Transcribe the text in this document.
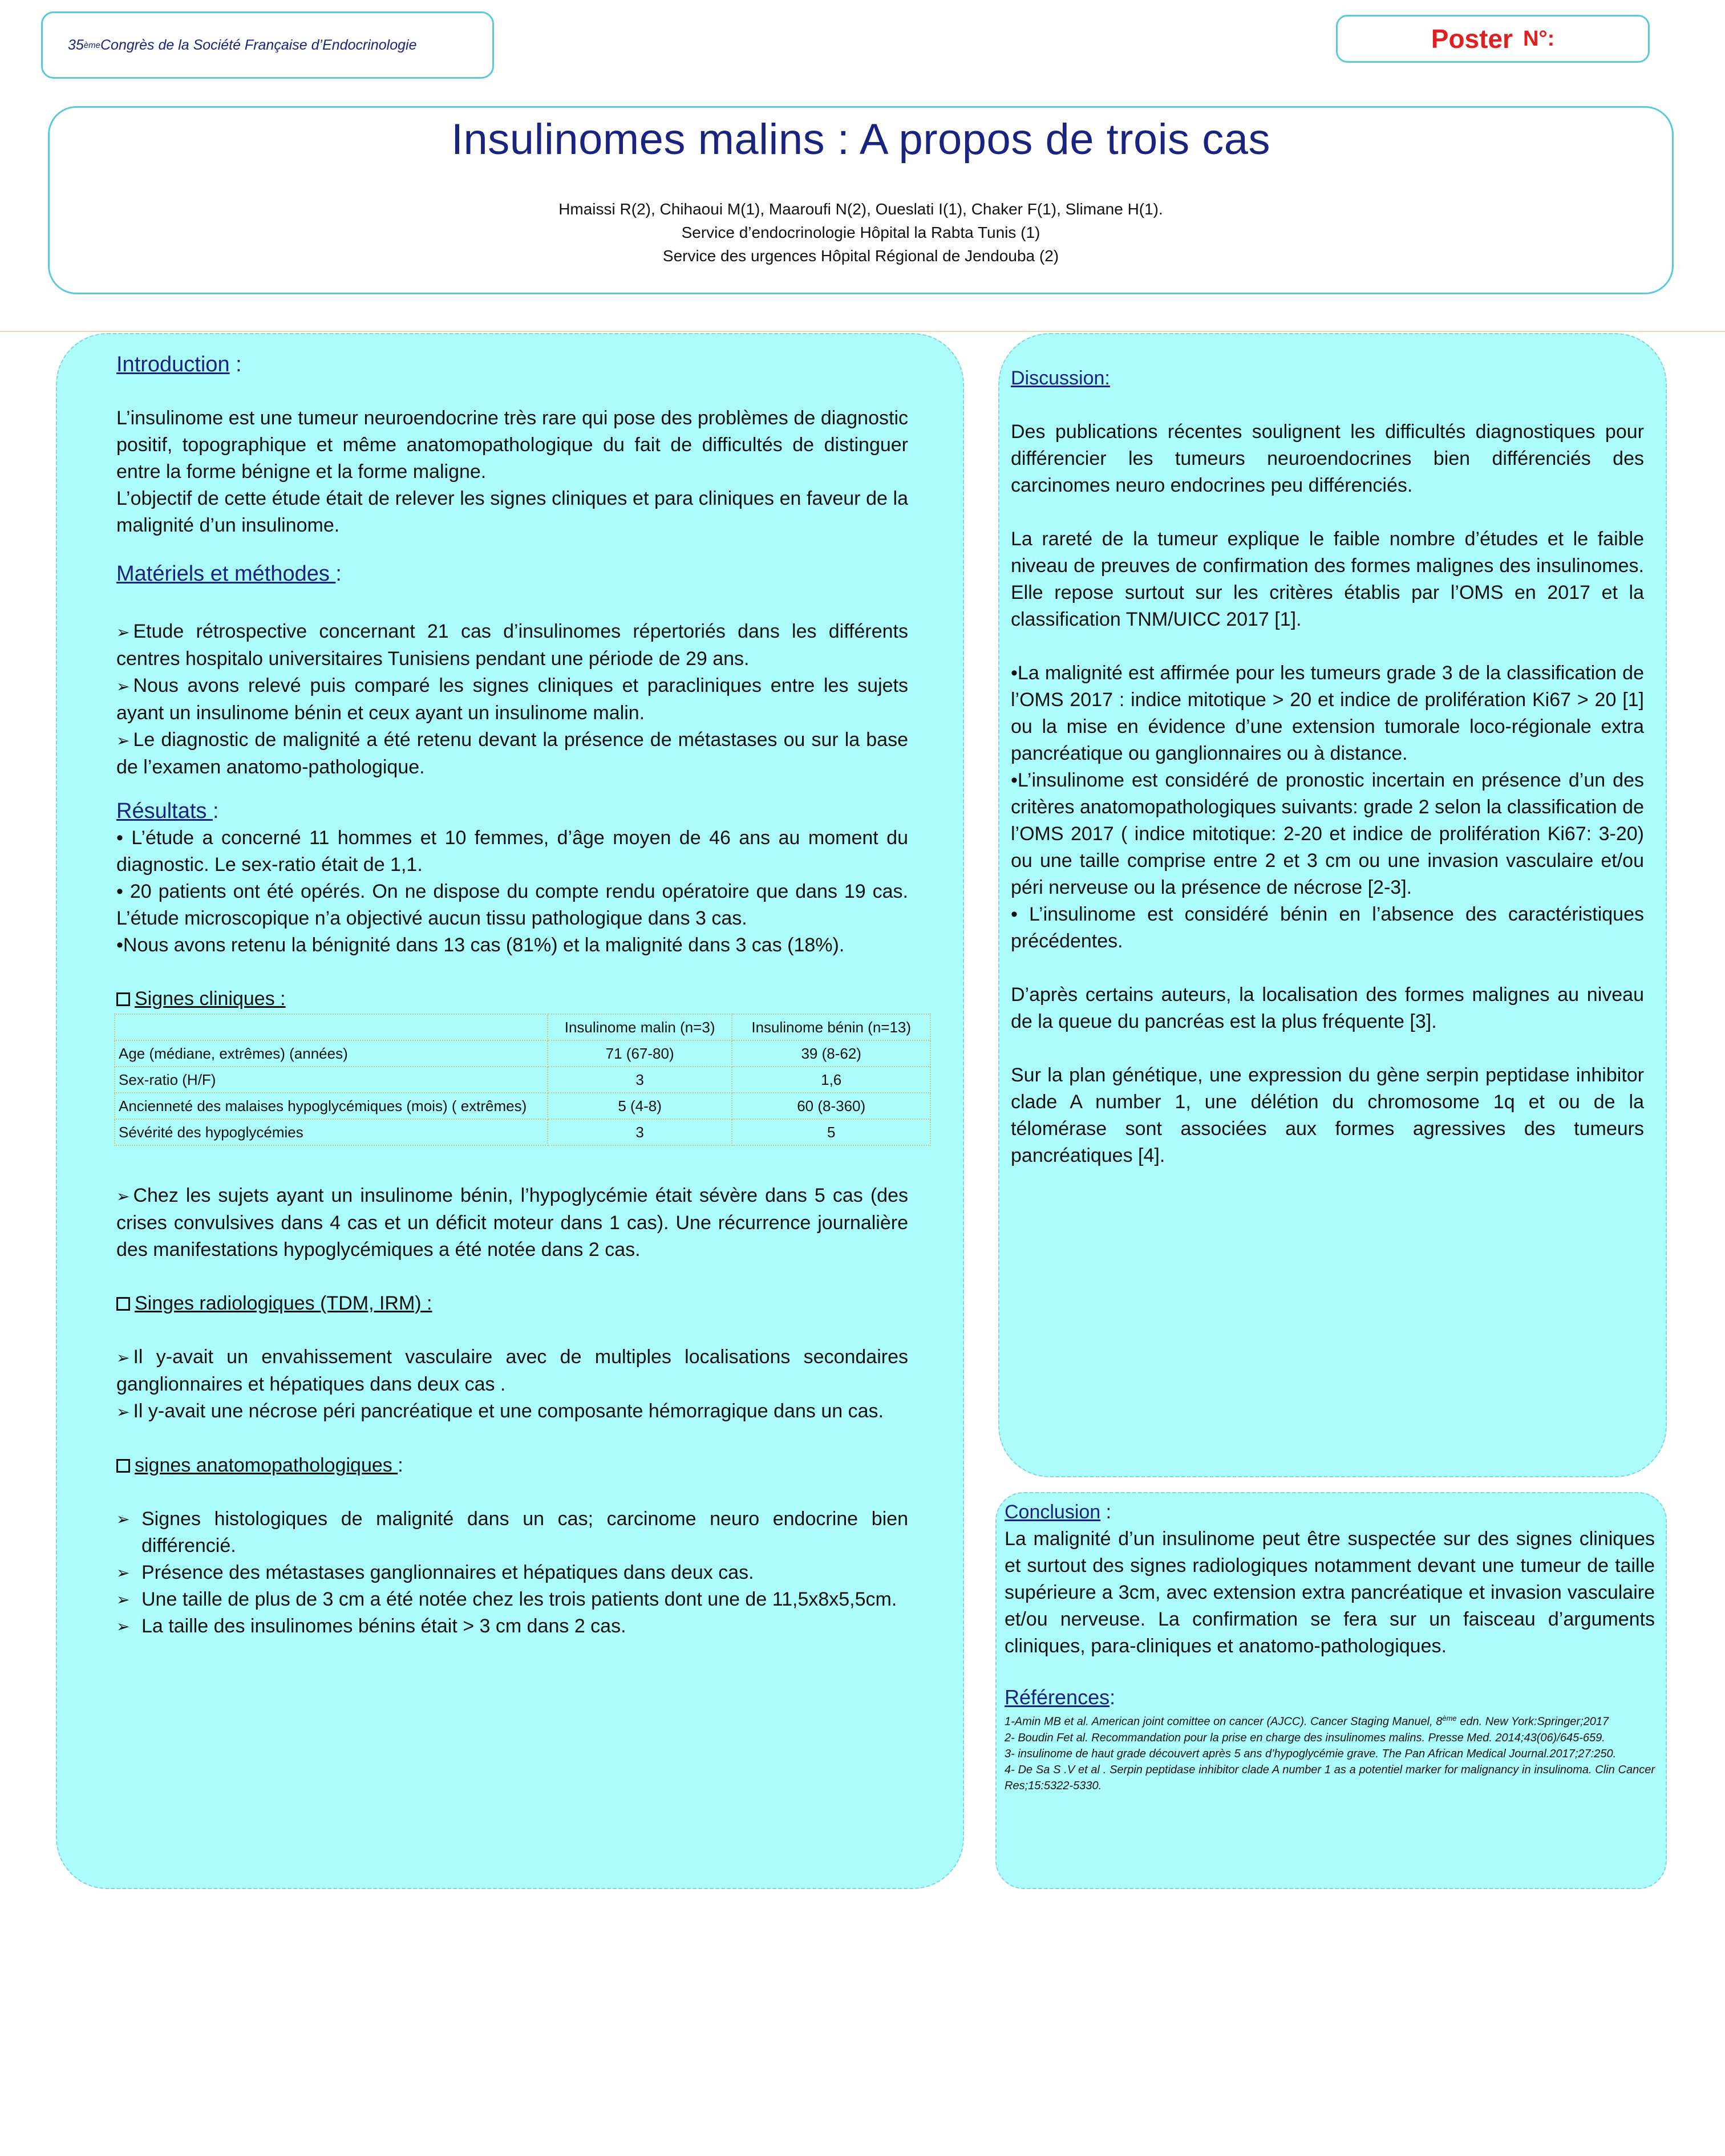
35 ème Congrès de la Société Française d’Endocrinologie	Poster N°:
Insulinomes malins : A propos de trois cas
Hmaissi R(2), Chihaoui M(1), Maaroufi N(2), Oueslati I(1), Chaker F(1), Slimane H(1).
Service d’endocrinologie Hôpital la Rabta Tunis (1)
Service des urgences Hôpital Régional de Jendouba (2)
Introduction :
L’insulinome est une tumeur neuroendocrine très rare qui pose des problèmes de diagnostic positif, topographique et même anatomopathologique du fait de difficultés de distinguer entre la forme bénigne et la forme maligne.
L’objectif de cette étude était de relever les signes cliniques et para cliniques en faveur de la malignité d’un insulinome.
Matériels et méthodes :
➢ Etude rétrospective concernant 21 cas d’insulinomes répertoriés dans les différents centres hospitalo universitaires Tunisiens pendant une période de 29 ans.
➢ Nous avons relevé puis comparé les signes cliniques et paracliniques entre les sujets ayant un insulinome bénin et ceux ayant un insulinome malin.
➢ Le diagnostic de malignité a été retenu devant la présence de métastases ou sur la base de l’examen anatomo-pathologique.
Résultats :
• L’étude a concerné 11 hommes et 10 femmes, d’âge moyen de 46 ans au moment du diagnostic. Le sex-ratio était de 1,1.
• 20 patients ont été opérés. On ne dispose du compte rendu opératoire que dans 19 cas. L’étude microscopique n’a objectivé aucun tissu pathologique dans 3 cas.
•Nous avons retenu la bénignité dans 13 cas (81%) et la malignité dans 3 cas (18%).
Signes cliniques :
	Insulinome malin (n=3)	Insulinome bénin (n=13)
Age (médiane, extrêmes) (années)	71 (67-80)	39 (8-62)
Sex-ratio (H/F)	3	1,6
Ancienneté des malaises hypoglycémiques (mois) ( extrêmes)	5 (4-8)	60 (8-360)
Sévérité des hypoglycémies	3	5
➢ Chez les sujets ayant un insulinome bénin, l’hypoglycémie était sévère dans 5 cas (des crises convulsives dans 4 cas et un déficit moteur dans 1 cas). Une récurrence journalière des manifestations hypoglycémiques a été notée dans 2 cas.
Singes radiologiques (TDM, IRM) :
➢ Il y-avait un envahissement vasculaire avec de multiples localisations secondaires ganglionnaires et hépatiques dans deux cas .
➢ Il y-avait une nécrose péri pancréatique et une composante hémorragique dans un cas.
signes anatomopathologiques :
➢ Signes histologiques de malignité dans un cas; carcinome neuro endocrine bien différencié.
➢ Présence des métastases ganglionnaires et hépatiques dans deux cas.
➢ Une taille de plus de 3 cm a été notée chez les trois patients dont une de 11,5x8x5,5cm.
➢ La taille des insulinomes bénins était > 3 cm dans 2 cas.
Discussion:
Des publications récentes soulignent les difficultés diagnostiques pour différencier les tumeurs neuroendocrines bien différenciés des carcinomes neuro endocrines peu différenciés.
La rareté de la tumeur explique le faible nombre d’études et le faible niveau de preuves de confirmation des formes malignes des insulinomes. Elle repose surtout sur les critères établis par l’OMS en 2017 et la classification TNM/UICC 2017 [1].
•La malignité est affirmée pour les tumeurs grade 3 de la classification de l’OMS 2017 : indice mitotique > 20 et indice de prolifération Ki67 > 20 [1] ou la mise en évidence d’une extension tumorale loco-régionale extra pancréatique ou ganglionnaires ou à distance.
•L’insulinome est considéré de pronostic incertain en présence d’un des critères anatomopathologiques suivants: grade 2 selon la classification de l’OMS 2017 ( indice mitotique: 2-20 et indice de prolifération Ki67: 3-20) ou une taille comprise entre 2 et 3 cm ou une invasion vasculaire et/ou péri nerveuse ou la présence de nécrose [2-3].
• L’insulinome est considéré bénin en l’absence des caractéristiques précédentes.
D’après certains auteurs, la localisation des formes malignes au niveau de la queue du pancréas est la plus fréquente [3].
Sur la plan génétique, une expression du gène serpin peptidase inhibitor clade A number 1, une délétion du chromosome 1q et ou de la télomérase sont associées aux formes agressives des tumeurs pancréatiques [4].
Conclusion :
La malignité d’un insulinome peut être suspectée sur des signes cliniques et surtout des signes radiologiques notamment devant une tumeur de taille supérieure a 3cm, avec extension extra pancréatique et invasion vasculaire et/ou nerveuse. La confirmation se fera sur un faisceau d’arguments cliniques, para-cliniques et anatomo-pathologiques.
Références:
1-Amin MB et al. American joint comittee on cancer (AJCC). Cancer Staging Manuel, 8ème edn. New York:Springer;2017
2- Boudin Fet al. Recommandation pour la prise en charge des insulinomes malins. Presse Med. 2014;43(06)/645-659.
3- insulinome de haut grade découvert après 5 ans d’hypoglycémie grave. The Pan African Medical Journal.2017;27:250.
4- De Sa S .V et al . Serpin peptidase inhibitor clade A number 1 as a potentiel marker for malignancy in insulinoma. Clin Cancer Res;15:5322-5330.
